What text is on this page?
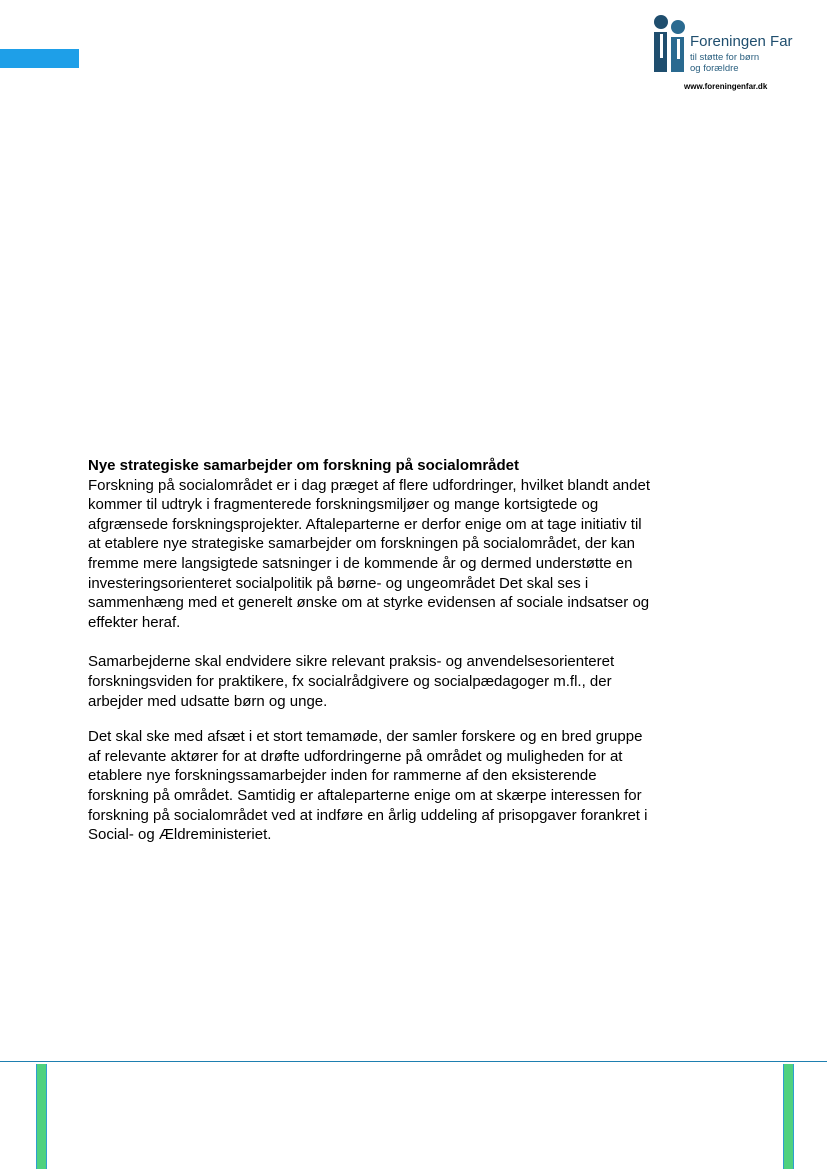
Foreningen Far
til støtte for børn
og forældre
www.foreningenfar.dk

Nye strategiske samarbejder om forskning på socialområdet

Forskning på socialområdet er i dag præget af flere udfordringer, hvilket blandt andet kommer til udtryk i fragmenterede forskningsmiljøer og mange kortsigtede og afgrænsede forskningsprojekter. Aftaleparterne er derfor enige om at tage initiativ til at etablere nye strategiske samarbejder om forskningen på socialområdet, der kan fremme mere langsigtede satsninger i de kommende år og dermed understøtte en investeringsorienteret socialpolitik på børne- og ungeområdet Det skal ses i sammenhæng med et generelt ønske om at styrke evidensen af sociale indsatser og effekter heraf.

Samarbejderne skal endvidere sikre relevant praksis- og anvendelsesorienteret forskningsviden for praktikere, fx socialrådgivere og socialpædagoger m.fl., der arbejder med udsatte børn og unge.

Det skal ske med afsæt i et stort temamøde, der samler forskere og en bred gruppe af relevante aktører for at drøfte udfordringerne på området og muligheden for at etablere nye forskningssamarbejder inden for rammerne af den eksisterende forskning på området. Samtidig er aftaleparterne enige om at skærpe interessen for forskning på socialområdet ved at indføre en årlig uddeling af prisopgaver forankret i Social- og Ældreministeriet.
